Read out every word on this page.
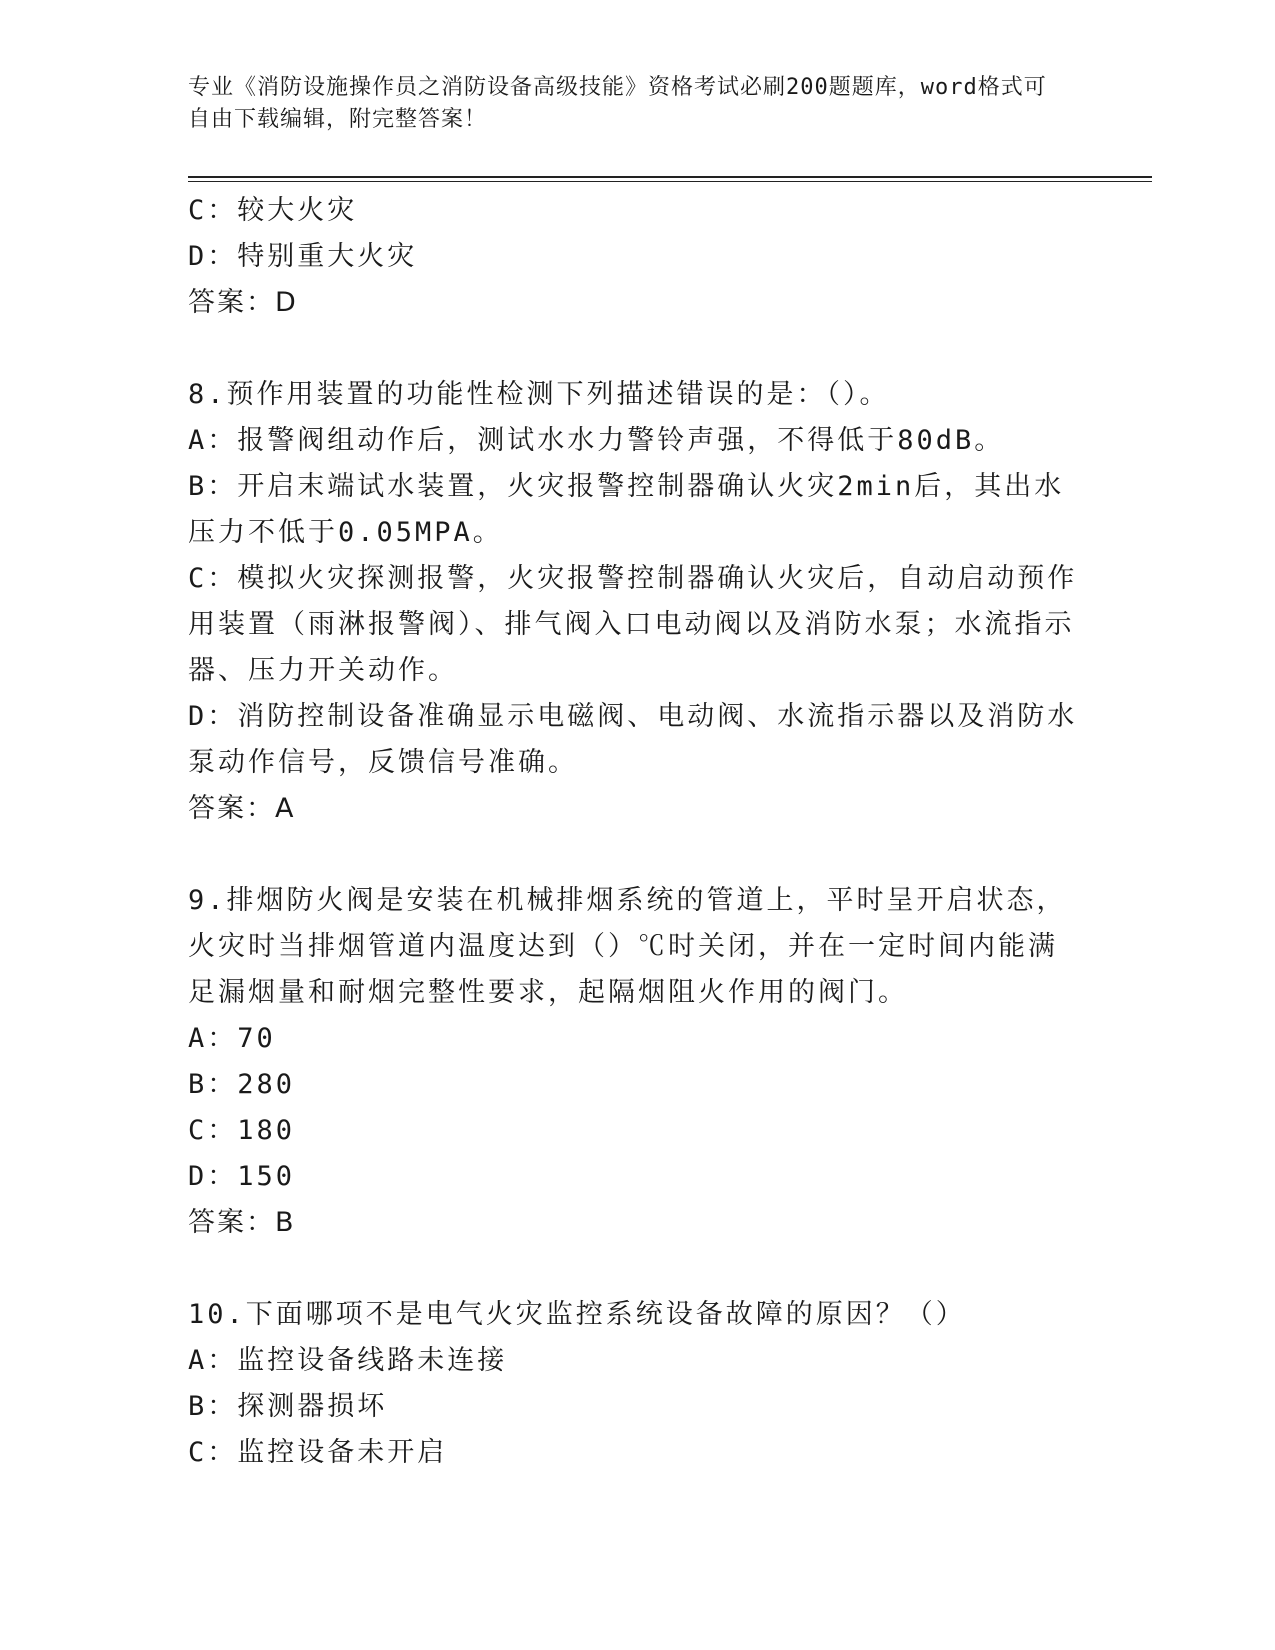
专业《消防设施操作员之消防设备高级技能》资格考试必刷200题题库，word格式可自由下载编辑，附完整答案！
C：较大火灾
D：特别重大火灾
答案：D
8.预作用装置的功能性检测下列描述错误的是：（）。
A：报警阀组动作后，测试水水力警铃声强，不得低于80dB。
B：开启末端试水装置，火灾报警控制器确认火灾2min后，其出水压力不低于0.05MPA。
C：模拟火灾探测报警，火灾报警控制器确认火灾后，自动启动预作用装置（雨淋报警阀）、排气阀入口电动阀以及消防水泵；水流指示器、压力开关动作。
D：消防控制设备准确显示电磁阀、电动阀、水流指示器以及消防水泵动作信号，反馈信号准确。
答案：A
9.排烟防火阀是安装在机械排烟系统的管道上，平时呈开启状态，火灾时当排烟管道内温度达到（）℃时关闭，并在一定时间内能满足漏烟量和耐烟完整性要求，起隔烟阻火作用的阀门。
A：70
B：280
C：180
D：150
答案：B
10.下面哪项不是电气火灾监控系统设备故障的原因？（）
A：监控设备线路未连接
B：探测器损坏
C：监控设备未开启
